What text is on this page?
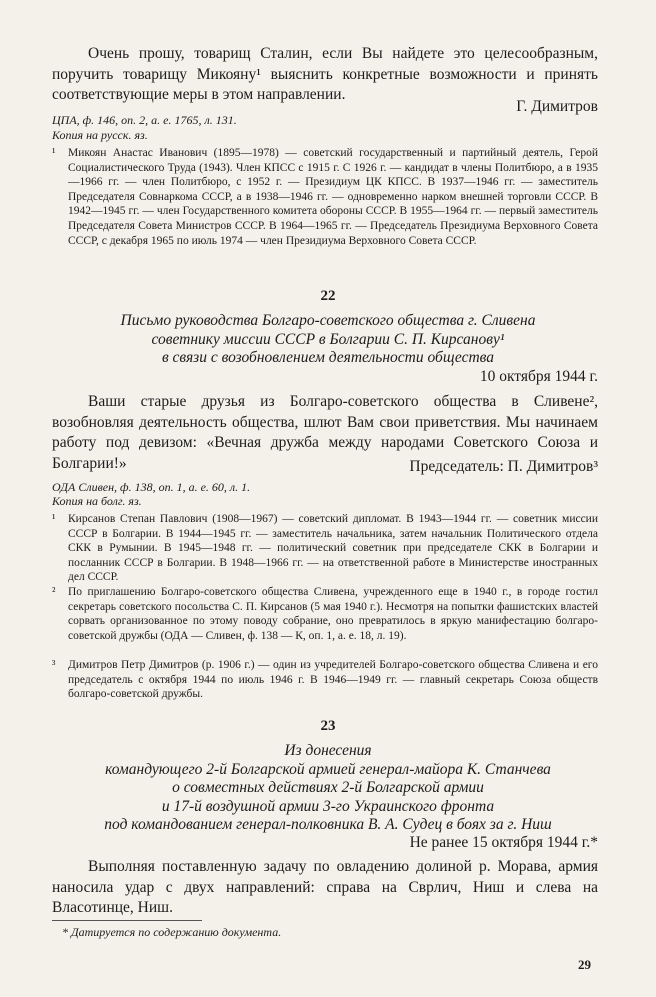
Очень прошу, товарищ Сталин, если Вы найдете это целесообразным, поручить товарищу Микояну¹ выяснить конкретные возможности и принять соответствующие меры в этом направлении.

Г. Димитров

ЦПА, ф. 146, оп. 2, а. е. 1765, л. 131.

Копия на русск. яз.

¹ Микоян Анастас Иванович (1895—1978) — советский государственный и партийный деятель, Герой Социалистического Труда (1943). Член КПСС с 1915 г. С 1926 г. — кандидат в члены Политбюро, а в 1935—1966 гг. — член Политбюро, с 1952 г. — Президиум ЦК КПСС. В 1937—1946 гг. — заместитель Председателя Совнаркома СССР, а в 1938—1946 гг. — одновременно нарком внешней торговли СССР. В 1942—1945 гг. — член Государственного комитета обороны СССР. В 1955—1964 гг. — первый заместитель Председателя Совета Министров СССР. В 1964—1965 гг. — Председатель Президиума Верховного Совета СССР, с декабря 1965 по июль 1974 — член Президиума Верховного Совета СССР.
22
Письмо руководства Болгаро-советского общества г. Сливена
советнику миссии СССР в Болгарии С. П. Кирсанову¹
в связи с возобновлением деятельности общества

10 октября 1944 г.

Ваши старые друзья из Болгаро-советского общества в Сливене², возобновляя деятельность общества, шлют Вам свои приветствия. Мы начинаем работу под девизом: «Вечная дружба между народами Советского Союза и Болгарии!»	Председатель: П. Димитров³

ОДА Сливен, ф. 138, оп. 1, а. е. 60, л. 1.

Копия на болг. яз.

¹ Кирсанов Степан Павлович (1908—1967) — советский дипломат. В 1943—1944 гг. — советник миссии СССР в Болгарии. В 1944—1945 гг. — заместитель начальника, затем начальник Политического отдела СКК в Румынии. В 1945—1948 гг. — политический советник при председателе СКК в Болгарии и посланник СССР в Болгарии. В 1948—1966 гг. — на ответственной работе в Министерстве иностранных дел СССР.
² По приглашению Болгаро-советского общества Сливена, учрежденного еще в 1940 г., в городе гостил секретарь советского посольства С. П. Кирсанов (5 мая 1940 г.). Несмотря на попытки фашистских властей сорвать организованное по этому поводу собрание, оно превратилось в яркую манифестацию болгаро-советской дружбы (ОДА — Сливен, ф. 138 — К, оп. 1, а. е. 18, л. 19).
³ Димитров Петр Димитров (р. 1906 г.) — один из учредителей Болгаро-советского общества Сливена и его председатель с октября 1944 по июль 1946 г. В 1946—1949 гг. — главный секретарь Союза обществ болгаро-советской дружбы.
23
Из донесения
командующего 2-й Болгарской армией генерал-майора К. Станчева
о совместных действиях 2-й Болгарской армии
и 17-й воздушной армии 3-го Украинского фронта
под командованием генерал-полковника В. А. Судец в боях за г. Ниш

Не ранее 15 октября 1944 г.*

Выполняя поставленную задачу по овладению долиной р. Морава, армия наносила удар с двух направлений: справа на Сврлич, Ниш и слева на Власотинце, Ниш.

* Датируется по содержанию документа.

29
